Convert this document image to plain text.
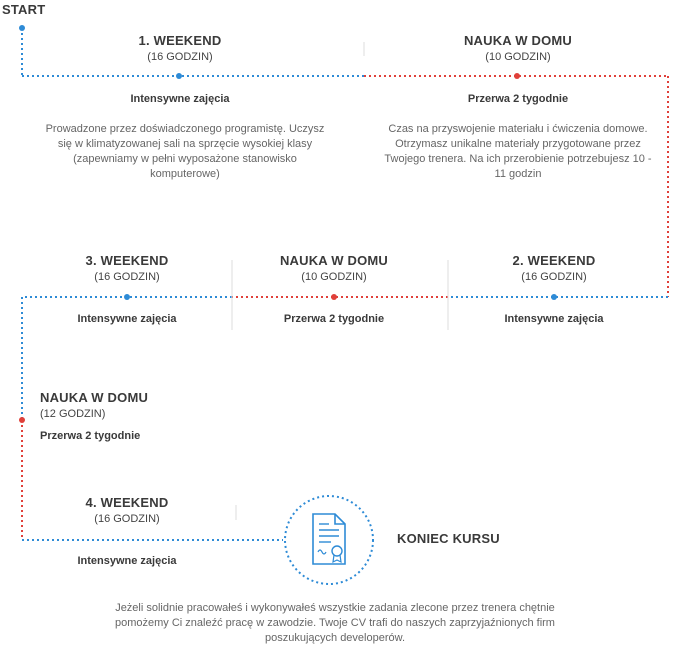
START
1. WEEKEND
(16 GODZIN)
Intensywne zajęcia
Prowadzone przez doświadczonego programistę. Uczysz się w klimatyzowanej sali na sprzęcie wysokiej klasy (zapewniamy w pełni wyposażone stanowisko komputerowe)
NAUKA W DOMU
(10 GODZIN)
Przerwa 2 tygodnie
Czas na przyswojenie materiału i ćwiczenia domowe. Otrzymasz unikalne materiały przygotowane przez Twojego trenera. Na ich przerobienie potrzebujesz 10 - 11 godzin
3. WEEKEND
(16 GODZIN)
Intensywne zajęcia
NAUKA W DOMU
(10 GODZIN)
Przerwa 2 tygodnie
2. WEEKEND
(16 GODZIN)
Intensywne zajęcia
NAUKA W DOMU
(12 GODZIN)
Przerwa 2 tygodnie
4. WEEKEND
(16 GODZIN)
Intensywne zajęcia
KONIEC KURSU
Jeżeli solidnie pracowałeś i wykonywałeś wszystkie zadania zlecone przez trenera chętnie pomożemy Ci znaleźć pracę w zawodzie. Twoje CV trafi do naszych zaprzyjaźnionych firm poszukujących developerów.
